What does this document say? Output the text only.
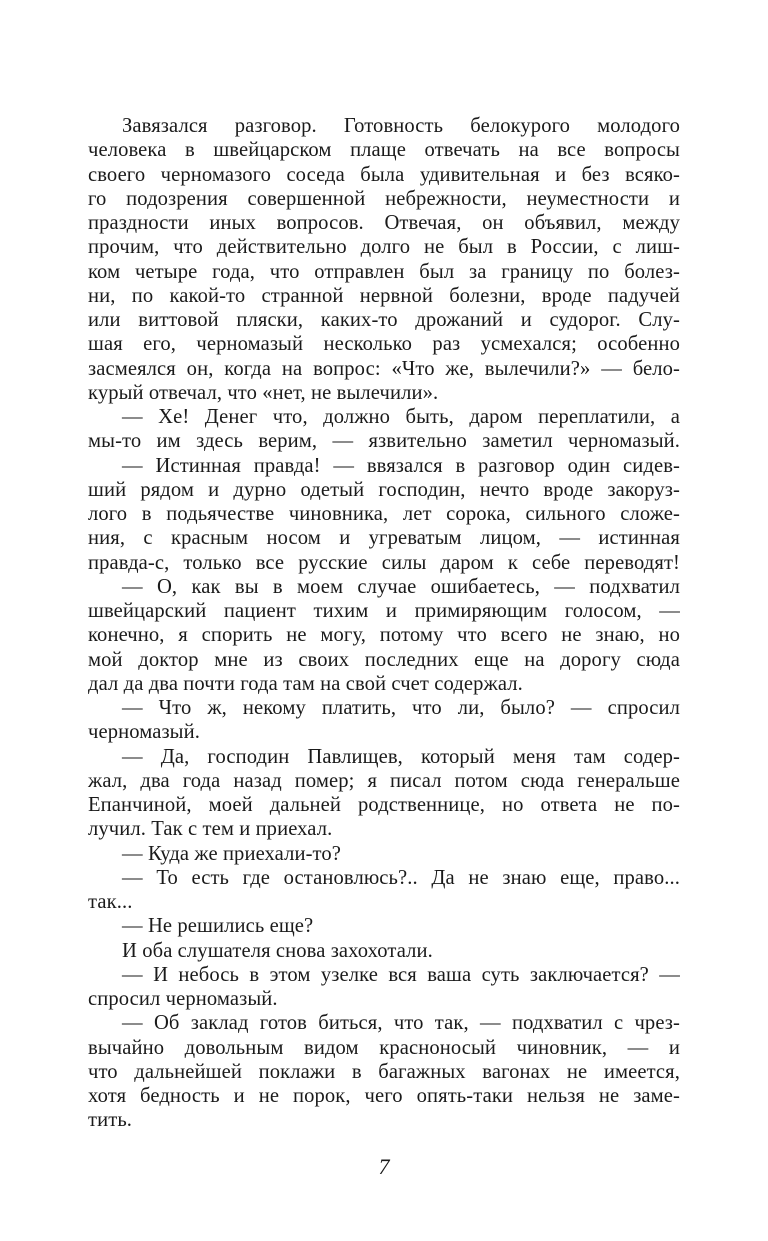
Завязался разговор. Готовность белокурого молодого
человека в швейцарском плаще отвечать на все вопросы
своего черномазого соседа была удивительная и без всяко-
го подозрения совершенной небрежности, неуместности и
праздности иных вопросов. Отвечая, он объявил, между
прочим, что действительно долго не был в России, с лиш-
ком четыре года, что отправлен был за границу по болез-
ни, по какой-то странной нервной болезни, вроде падучей
или виттовой пляски, каких-то дрожаний и судорог. Слу-
шая его, черномазый несколько раз усмехался; особенно
засмеялся он, когда на вопрос: «Что же, вылечили?» — бело-
курый отвечал, что «нет, не вылечили».
— Хе! Денег что, должно быть, даром переплатили, а
мы-то им здесь верим, — язвительно заметил черномазый.
— Истинная правда! — ввязался в разговор один сидев-
ший рядом и дурно одетый господин, нечто вроде закоруз-
лого в подьячестве чиновника, лет сорока, сильного сложе-
ния, с красным носом и угреватым лицом, — истинная
правда-с, только все русские силы даром к себе переводят!
— О, как вы в моем случае ошибаетесь, — подхватил
швейцарский пациент тихим и примиряющим голосом, —
конечно, я спорить не могу, потому что всего не знаю, но
мой доктор мне из своих последних еще на дорогу сюда
дал да два почти года там на свой счет содержал.
— Что ж, некому платить, что ли, было? — спросил
черномазый.
— Да, господин Павлищев, который меня там содер-
жал, два года назад помер; я писал потом сюда генеральше
Епанчиной, моей дальней родственнице, но ответа не по-
лучил. Так с тем и приехал.
— Куда же приехали-то?
— То есть где остановлюсь?.. Да не знаю еще, право...
так...
— Не решились еще?
И оба слушателя снова захохотали.
— И небось в этом узелке вся ваша суть заключается? —
спросил черномазый.
— Об заклад готов биться, что так, — подхватил с чрез-
вычайно довольным видом красноносый чиновник, — и
что дальнейшей поклажи в багажных вагонах не имеется,
хотя бедность и не порок, чего опять-таки нельзя не заме-
тить.
7
